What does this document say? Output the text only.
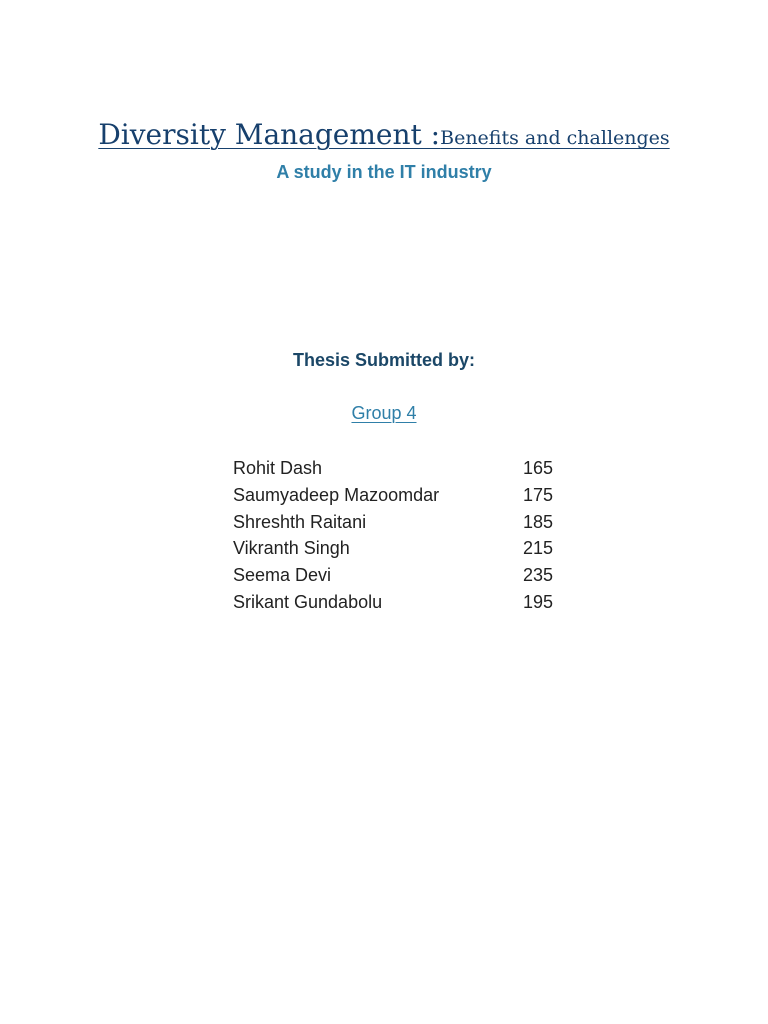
Diversity Management :Benefits and challenges
A study in the IT industry
Thesis Submitted by:
Group 4
Rohit Dash	165
Saumyadeep Mazoomdar	175
Shreshth Raitani	185
Vikranth Singh	215
Seema Devi	235
Srikant Gundabolu	195
